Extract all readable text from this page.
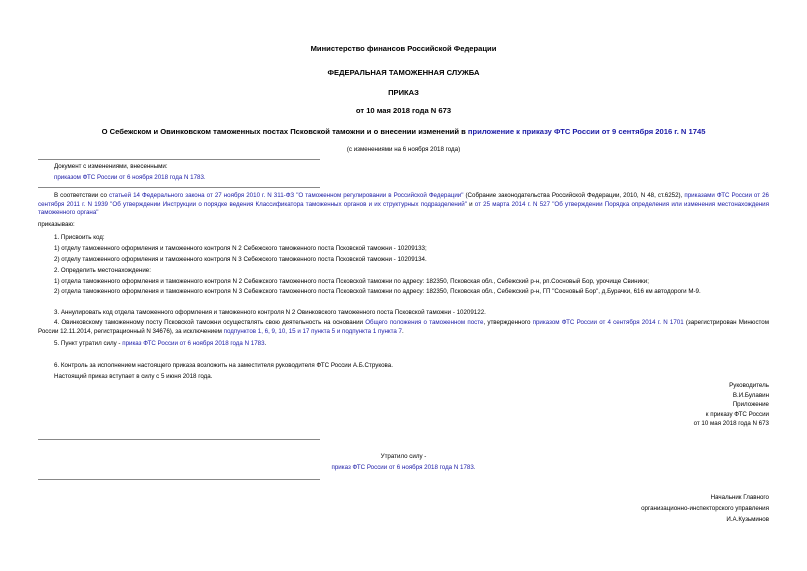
Министерство финансов Российской Федерации
ФЕДЕРАЛЬНАЯ ТАМОЖЕННАЯ СЛУЖБА
ПРИКАЗ
от 10 мая 2018 года N 673
О Себежском и Овинковском таможенных постах Псковской таможни и о внесении изменений в приложение к приказу ФТС России от 9 сентября 2016 г. N 1745
(с изменениями на 6 ноября 2018 года)
Документ с изменениями, внесенными:
приказом ФТС России от 6 ноября 2018 года N 1783.
В соответствии со статьей 14 Федерального закона от 27 ноября 2010 г. N 311-ФЗ "О таможенном регулировании в Российской Федерации" (Собрание законодательства Российской Федерации, 2010, N 48, ст.6252), приказами ФТС России от 26 сентября 2011 г. N 1939 "Об утверждении Инструкции о порядке ведения Классификатора таможенных органов и их структурных подразделений" и от 25 марта 2014 г. N 527 "Об утверждении Порядка определения или изменения местонахождения таможенного органа"
приказываю:
1. Присвоить код:
1) отделу таможенного оформления и таможенного контроля N 2 Себежского таможенного поста Псковской таможни - 10209133;
2) отделу таможенного оформления и таможенного контроля N 3 Себежского таможенного поста Псковской таможни - 10209134.
2. Определить местонахождение:
1) отдела таможенного оформления и таможенного контроля N 2 Себежского таможенного поста Псковской таможни по адресу: 182350, Псковская обл., Себежский р-н, рп.Сосновый Бор, урочище Свиники;
2) отдела таможенного оформления и таможенного контроля N 3 Себежского таможенного поста Псковской таможни по адресу: 182350, Псковская обл., Себежский р-н, ГП "Сосновый Бор", д.Бурачки, 616 км автодороги М-9.
3. Аннулировать код отдела таможенного оформления и таможенного контроля N 2 Овинковского таможенного поста Псковской таможни - 10209122.
4. Овинковскому таможенному посту Псковской таможни осуществлять свою деятельность на основании Общего положения о таможенном посте, утвержденного приказом ФТС России от 4 сентября 2014 г. N 1701 (зарегистрирован Минюстом России 12.11.2014, регистрационный N 34676), за исключением подпунктов 1, 6, 9, 10, 15 и 17 пункта 5 и подпункта 1 пункта 7.
5. Пункт утратил силу - приказ ФТС России от 6 ноября 2018 года N 1783.
6. Контроль за исполнением настоящего приказа возложить на заместителя руководителя ФТС России А.Б.Струкова.
Настоящий приказ вступает в силу с 5 июня 2018 года.
Руководитель
В.И.Булавин
Приложение
к приказу ФТС России
от 10 мая 2018 года N 673
Утратило силу -
приказ ФТС России от 6 ноября 2018 года N 1783.
Начальник Главного
организационно-инспекторского управления
И.А.Кузьминов
